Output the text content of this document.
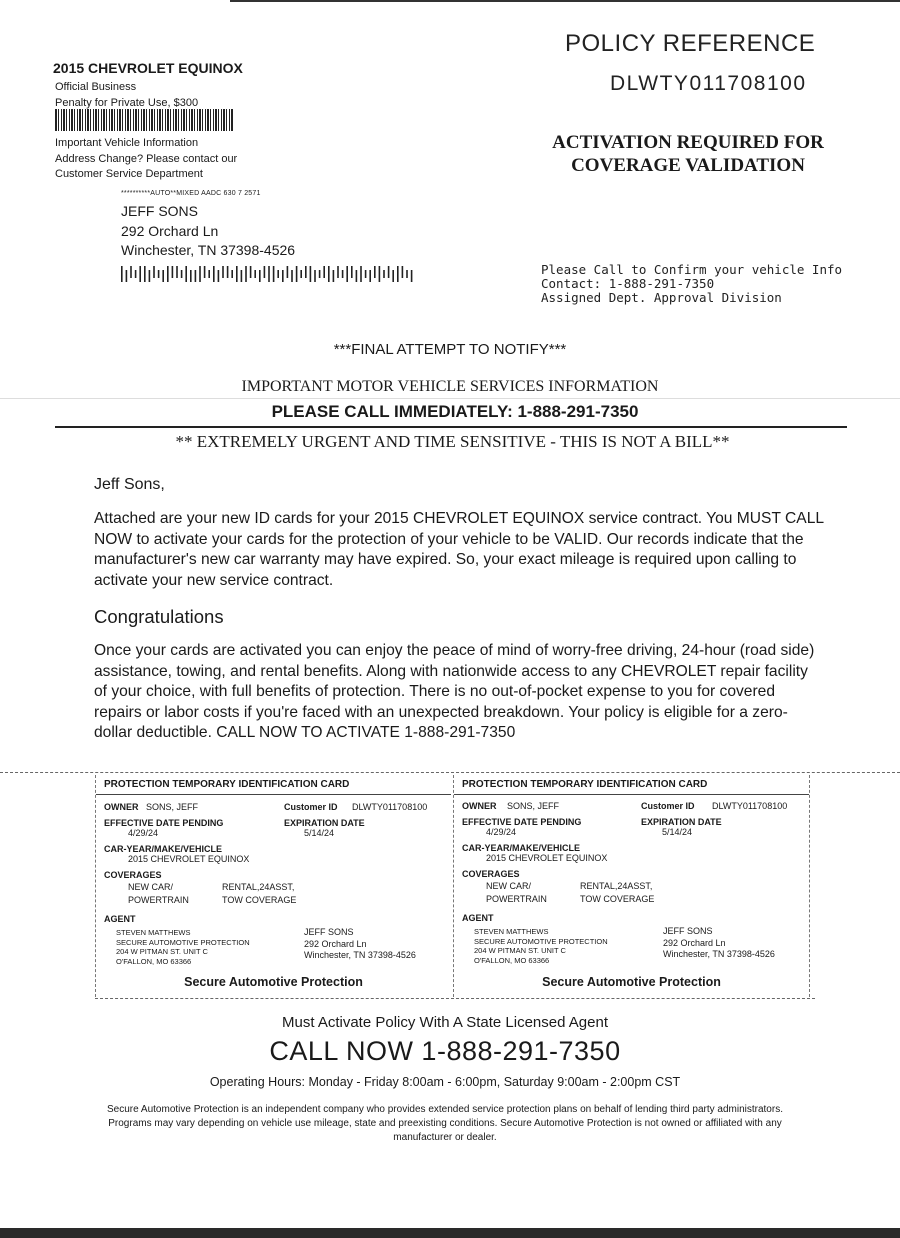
2015 CHEVROLET EQUINOX
Official Business
Penalty for Private Use, $300
Important Vehicle Information
Address Change? Please contact our
Customer Service Department
**********AUTO**MIXED AADC 630 7 2571
JEFF SONS
292 Orchard Ln
Winchester, TN 37398-4526
POLICY REFERENCE
DLWTY011708100
ACTIVATION REQUIRED FOR
COVERAGE VALIDATION
Please Call to Confirm your vehicle Info
Contact: 1-888-291-7350
Assigned Dept. Approval Division
***FINAL ATTEMPT TO NOTIFY***
IMPORTANT MOTOR VEHICLE SERVICES INFORMATION
PLEASE CALL IMMEDIATELY: 1-888-291-7350
** EXTREMELY URGENT AND TIME SENSITIVE - THIS IS NOT A BILL**
Jeff Sons,
Attached are your new ID cards for your 2015 CHEVROLET EQUINOX service contract. You MUST CALL NOW to activate your cards for the protection of your vehicle to be VALID. Our records indicate that the manufacturer's new car warranty may have expired. So, your exact mileage is required upon calling to activate your new service contract.
Congratulations
Once your cards are activated you can enjoy the peace of mind of worry-free driving, 24-hour (road side) assistance, towing, and rental benefits. Along with nationwide access to any CHEVROLET repair facility of your choice, with full benefits of protection. There is no out-of-pocket expense to you for covered repairs or labor costs if you're faced with an unexpected breakdown. Your policy is eligible for a zero-dollar deductible. CALL NOW TO ACTIVATE 1-888-291-7350
PROTECTION TEMPORARY IDENTIFICATION CARD
OWNER SONS, JEFF	Customer ID DLWTY011708100
EFFECTIVE DATE PENDING
4/29/24
EXPIRATION DATE
5/14/24
CAR-YEAR/MAKE/VEHICLE
2015 CHEVROLET EQUINOX
COVERAGES
NEW CAR/
POWERTRAIN
RENTAL,24ASST,
TOW COVERAGE
AGENT
STEVEN MATTHEWS
SECURE AUTOMOTIVE PROTECTION
204 W PITMAN ST. UNIT C
O'FALLON, MO 63366
JEFF SONS
292 Orchard Ln
Winchester, TN 37398-4526
Secure Automotive Protection
PROTECTION TEMPORARY IDENTIFICATION CARD
OWNER SONS, JEFF	Customer ID DLWTY011708100
EFFECTIVE DATE PENDING
4/29/24
EXPIRATION DATE
5/14/24
CAR-YEAR/MAKE/VEHICLE
2015 CHEVROLET EQUINOX
COVERAGES
NEW CAR/
POWERTRAIN
RENTAL,24ASST,
TOW COVERAGE
AGENT
STEVEN MATTHEWS
SECURE AUTOMOTIVE PROTECTION
204 W PITMAN ST. UNIT C
O'FALLON, MO 63366
JEFF SONS
292 Orchard Ln
Winchester, TN 37398-4526
Secure Automotive Protection
Must Activate Policy With A State Licensed Agent
CALL NOW 1-888-291-7350
Operating Hours: Monday - Friday 8:00am - 6:00pm, Saturday 9:00am - 2:00pm CST
Secure Automotive Protection is an independent company who provides extended service protection plans on behalf of lending third party administrators. Programs may vary depending on vehicle use mileage, state and preexisting conditions. Secure Automotive Protection is not owned or affiliated with any manufacturer or dealer.
